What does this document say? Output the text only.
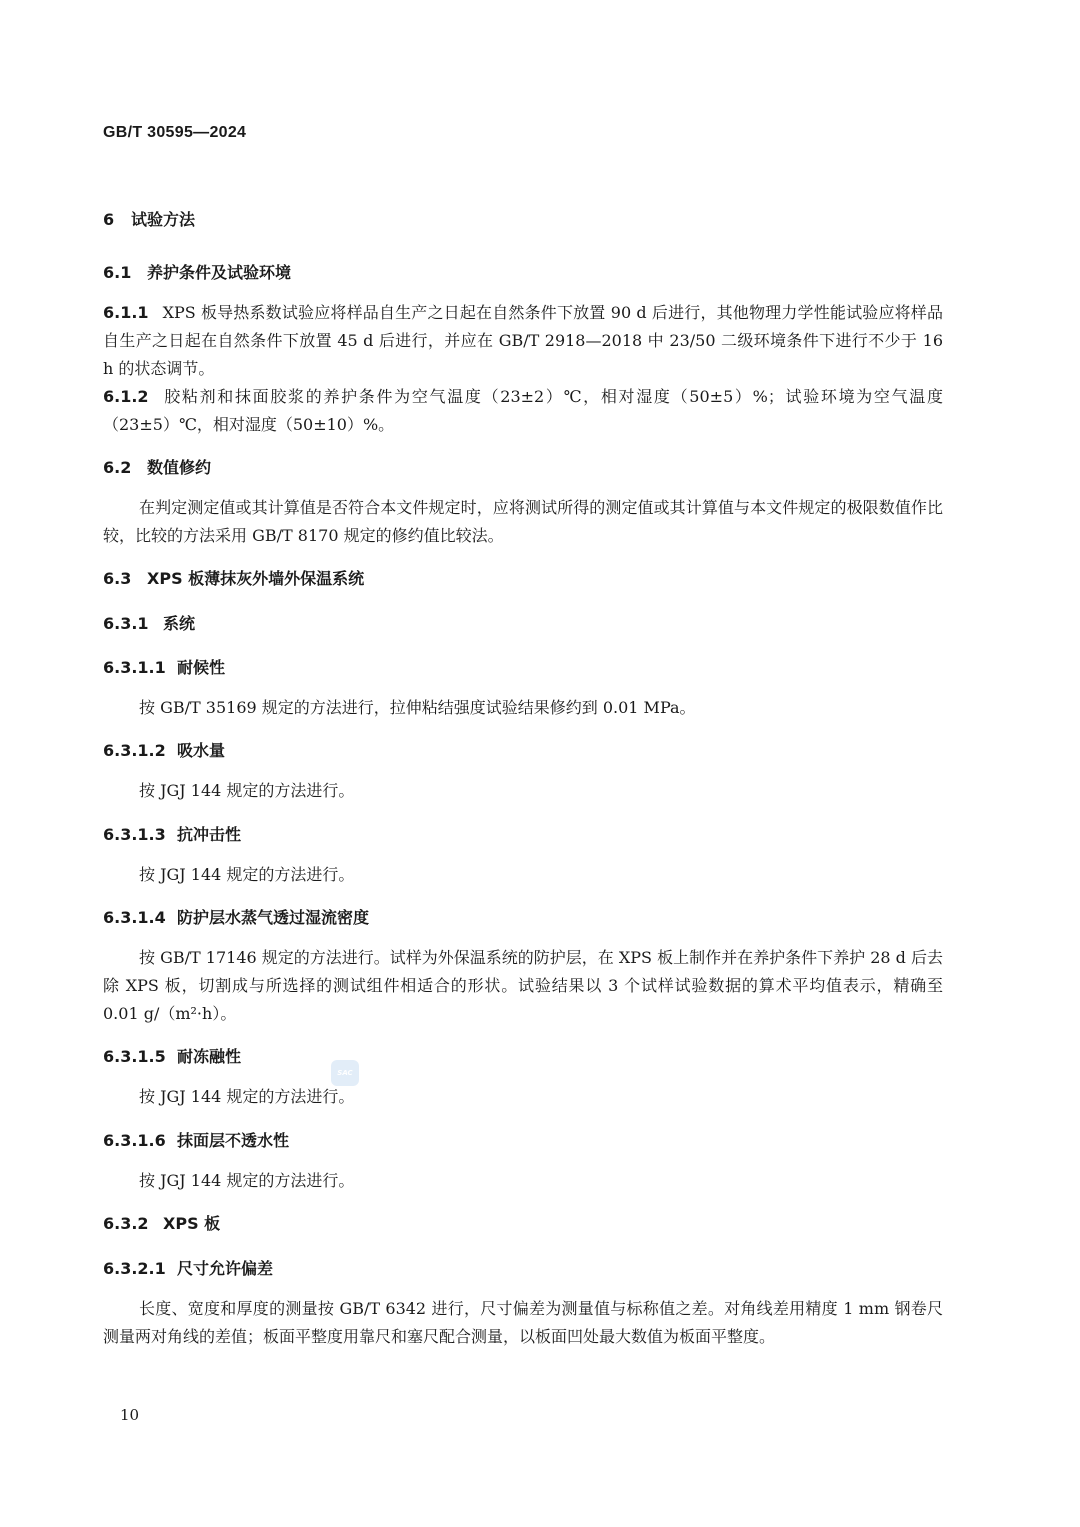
GB/T 30595—2024
6 试验方法
6.1 养护条件及试验环境
6.1.1 XPS 板导热系数试验应将样品自生产之日起在自然条件下放置 90 d 后进行，其他物理力学性能试验应将样品自生产之日起在自然条件下放置 45 d 后进行，并应在 GB/T 2918—2018 中 23/50 二级环境条件下进行不少于 16 h 的状态调节。
6.1.2 胶粘剂和抹面胶浆的养护条件为空气温度（23±2）℃，相对湿度（50±5）%；试验环境为空气温度（23±5）℃，相对湿度（50±10）%。
6.2 数值修约
在判定测定值或其计算值是否符合本文件规定时，应将测试所得的测定值或其计算值与本文件规定的极限数值作比较，比较的方法采用 GB/T 8170 规定的修约值比较法。
6.3 XPS 板薄抹灰外墙外保温系统
6.3.1 系统
6.3.1.1 耐候性
按 GB/T 35169 规定的方法进行，拉伸粘结强度试验结果修约到 0.01 MPa。
6.3.1.2 吸水量
按 JGJ 144 规定的方法进行。
6.3.1.3 抗冲击性
按 JGJ 144 规定的方法进行。
6.3.1.4 防护层水蒸气透过湿流密度
按 GB/T 17146 规定的方法进行。试样为外保温系统的防护层，在 XPS 板上制作并在养护条件下养护 28 d 后去除 XPS 板，切割成与所选择的测试组件相适合的形状。试验结果以 3 个试样试验数据的算术平均值表示，精确至 0.01 g/（m²·h）。
6.3.1.5 耐冻融性
SAC
按 JGJ 144 规定的方法进行。
6.3.1.6 抹面层不透水性
按 JGJ 144 规定的方法进行。
6.3.2 XPS 板
6.3.2.1 尺寸允许偏差
长度、宽度和厚度的测量按 GB/T 6342 进行，尺寸偏差为测量值与标称值之差。对角线差用精度 1 mm 钢卷尺测量两对角线的差值；板面平整度用靠尺和塞尺配合测量，以板面凹处最大数值为板面平整度。
10
